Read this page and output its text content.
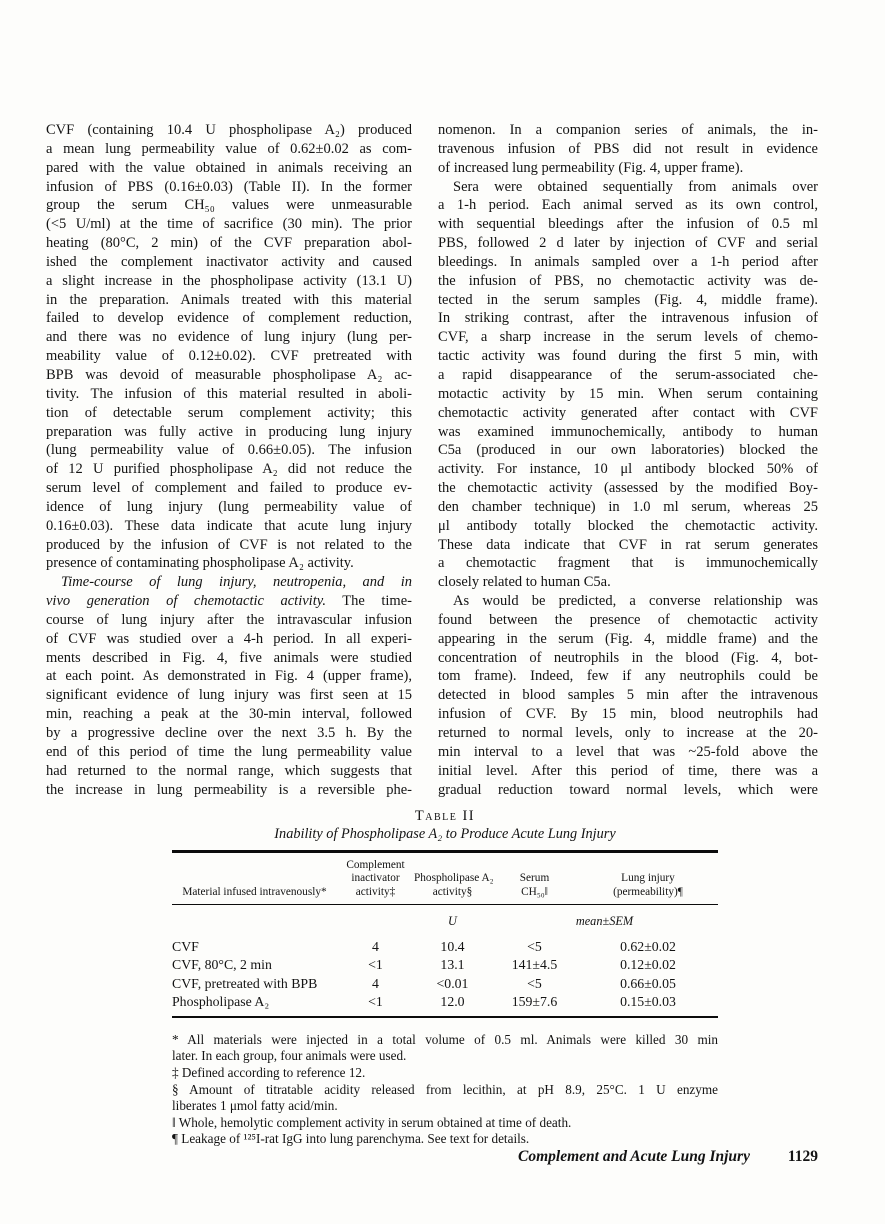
CVF (containing 10.4 U phospholipase A₂) produced
a mean lung permeability value of 0.62±0.02 as com-
pared with the value obtained in animals receiving an
infusion of PBS (0.16±0.03) (Table II). In the former
group the serum CH₅₀ values were unmeasurable
(<5 U/ml) at the time of sacrifice (30 min). The prior
heating (80°C, 2 min) of the CVF preparation abol-
ished the complement inactivator activity and caused
a slight increase in the phospholipase activity (13.1 U)
in the preparation. Animals treated with this material
failed to develop evidence of complement reduction,
and there was no evidence of lung injury (lung per-
meability value of 0.12±0.02). CVF pretreated with
BPB was devoid of measurable phospholipase A₂ ac-
tivity. The infusion of this material resulted in aboli-
tion of detectable serum complement activity; this
preparation was fully active in producing lung injury
(lung permeability value of 0.66±0.05). The infusion
of 12 U purified phospholipase A₂ did not reduce the
serum level of complement and failed to produce ev-
idence of lung injury (lung permeability value of
0.16±0.03). These data indicate that acute lung injury
produced by the infusion of CVF is not related to the
presence of contaminating phospholipase A₂ activity.
Time-course of lung injury, neutropenia, and in
vivo generation of chemotactic activity. The time-
course of lung injury after the intravascular infusion
of CVF was studied over a 4-h period. In all experi-
ments described in Fig. 4, five animals were studied
at each point. As demonstrated in Fig. 4 (upper frame),
significant evidence of lung injury was first seen at 15
min, reaching a peak at the 30-min interval, followed
by a progressive decline over the next 3.5 h. By the
end of this period of time the lung permeability value
had returned to the normal range, which suggests that
the increase in lung permeability is a reversible phe-
nomenon. In a companion series of animals, the in-
travenous infusion of PBS did not result in evidence
of increased lung permeability (Fig. 4, upper frame).
Sera were obtained sequentially from animals over
a 1-h period. Each animal served as its own control,
with sequential bleedings after the infusion of 0.5 ml
PBS, followed 2 d later by injection of CVF and serial
bleedings. In animals sampled over a 1-h period after
the infusion of PBS, no chemotactic activity was de-
tected in the serum samples (Fig. 4, middle frame).
In striking contrast, after the intravenous infusion of
CVF, a sharp increase in the serum levels of chemo-
tactic activity was found during the first 5 min, with
a rapid disappearance of the serum-associated che-
motactic activity by 15 min. When serum containing
chemotactic activity generated after contact with CVF
was examined immunochemically, antibody to human
C5a (produced in our own laboratories) blocked the
activity. For instance, 10 μl antibody blocked 50% of
the chemotactic activity (assessed by the modified Boy-
den chamber technique) in 1.0 ml serum, whereas 25
μl antibody totally blocked the chemotactic activity.
These data indicate that CVF in rat serum generates
a chemotactic fragment that is immunochemically
closely related to human C5a.
As would be predicted, a converse relationship was
found between the presence of chemotactic activity
appearing in the serum (Fig. 4, middle frame) and the
concentration of neutrophils in the blood (Fig. 4, bot-
tom frame). Indeed, few if any neutrophils could be
detected in blood samples 5 min after the intravenous
infusion of CVF. By 15 min, blood neutrophils had
returned to normal levels, only to increase at the 20-
min interval to a level that was ~25-fold above the
initial level. After this period of time, there was a
gradual reduction toward normal levels, which were
Table II
Inability of Phospholipase A₂ to Produce Acute Lung Injury
Material infused intravenously*

Complement
inactivator
activity‡

Phospholipase A₂
activity§

Serum
CH₅₀‖

Lung injury
(permeability)¶

		U	mean±SEM	
CVF	4	10.4	<5	0.62±0.02
CVF, 80°C, 2 min	<1	13.1	141±4.5	0.12±0.02
CVF, pretreated with BPB	4	<0.01	<5	0.66±0.05
Phospholipase A₂	<1	12.0	159±7.6	0.15±0.03
* All materials were injected in a total volume of 0.5 ml. Animals were killed 30 min
later. In each group, four animals were used.
‡ Defined according to reference 12.
§ Amount of titratable acidity released from lecithin, at pH 8.9, 25°C. 1 U enzyme
liberates 1 μmol fatty acid/min.
‖ Whole, hemolytic complement activity in serum obtained at time of death.
¶ Leakage of ¹²⁵I-rat IgG into lung parenchyma. See text for details.
Complement and Acute Lung Injury 1129
